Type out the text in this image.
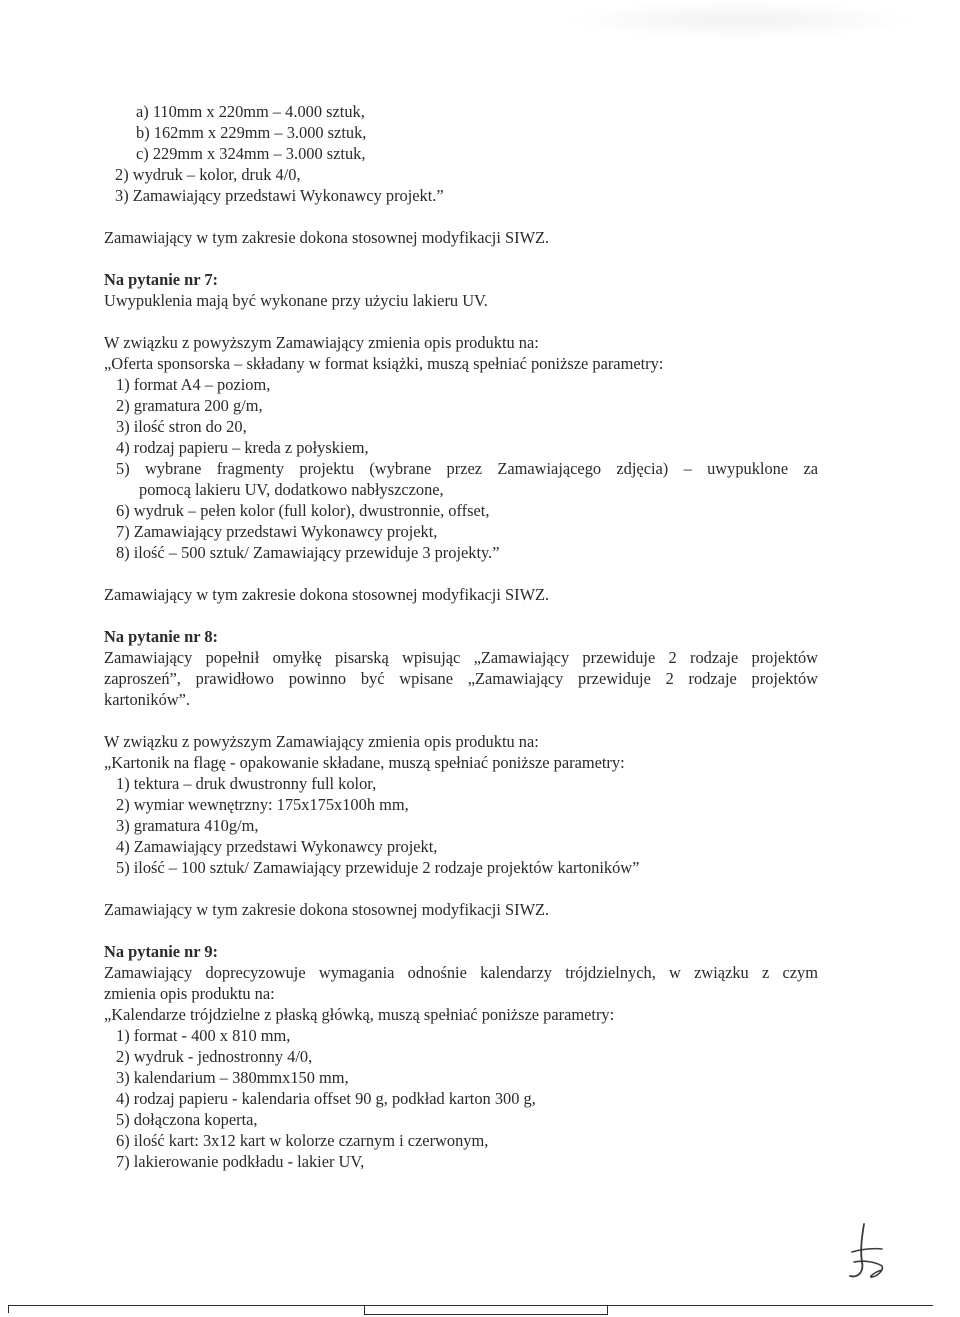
a) 110mm x 220mm – 4.000 sztuk,
b) 162mm x 229mm – 3.000 sztuk,
c) 229mm x 324mm – 3.000 sztuk,
2) wydruk – kolor, druk 4/0,
3) Zamawiający przedstawi Wykonawcy projekt.”
Zamawiający w tym zakresie dokona stosownej modyfikacji SIWZ.
Na pytanie nr 7:
Uwypuklenia mają być wykonane przy użyciu lakieru UV.
W związku z powyższym Zamawiający zmienia opis produktu na:
„Oferta sponsorska – składany w format książki, muszą spełniać poniższe parametry:
1) format A4 – poziom,
2) gramatura 200 g/m,
3) ilość stron do 20,
4) rodzaj papieru – kreda z połyskiem,
5) wybrane fragmenty projektu (wybrane przez Zamawiającego zdjęcia) – uwypuklone za
pomocą lakieru UV, dodatkowo nabłyszczone,
6) wydruk – pełen kolor (full kolor), dwustronnie, offset,
7) Zamawiający przedstawi Wykonawcy projekt,
8) ilość – 500 sztuk/ Zamawiający przewiduje 3 projekty.”
Zamawiający w tym zakresie dokona stosownej modyfikacji SIWZ.
Na pytanie nr 8:
Zamawiający popełnił omyłkę pisarską wpisując „Zamawiający przewiduje 2 rodzaje projektów
zaproszeń”, prawidłowo powinno być wpisane „Zamawiający przewiduje 2 rodzaje projektów
kartoników”.
W związku z powyższym Zamawiający zmienia opis produktu na:
„Kartonik na flagę - opakowanie składane, muszą spełniać poniższe parametry:
1) tektura – druk dwustronny full kolor,
2) wymiar wewnętrzny: 175x175x100h mm,
3) gramatura 410g/m,
4) Zamawiający przedstawi Wykonawcy projekt,
5) ilość – 100 sztuk/ Zamawiający przewiduje 2 rodzaje projektów kartoników”
Zamawiający w tym zakresie dokona stosownej modyfikacji SIWZ.
Na pytanie nr 9:
Zamawiający doprecyzowuje wymagania odnośnie kalendarzy trójdzielnych, w związku z czym
zmienia opis produktu na:
„Kalendarze trójdzielne z płaską główką, muszą spełniać poniższe parametry:
1) format - 400 x 810 mm,
2) wydruk - jednostronny 4/0,
3) kalendarium – 380mmx150 mm,
4) rodzaj papieru - kalendaria offset 90 g, podkład karton 300 g,
5) dołączona koperta,
6) ilość kart: 3x12 kart w kolorze czarnym i czerwonym,
7) lakierowanie podkładu - lakier UV,
